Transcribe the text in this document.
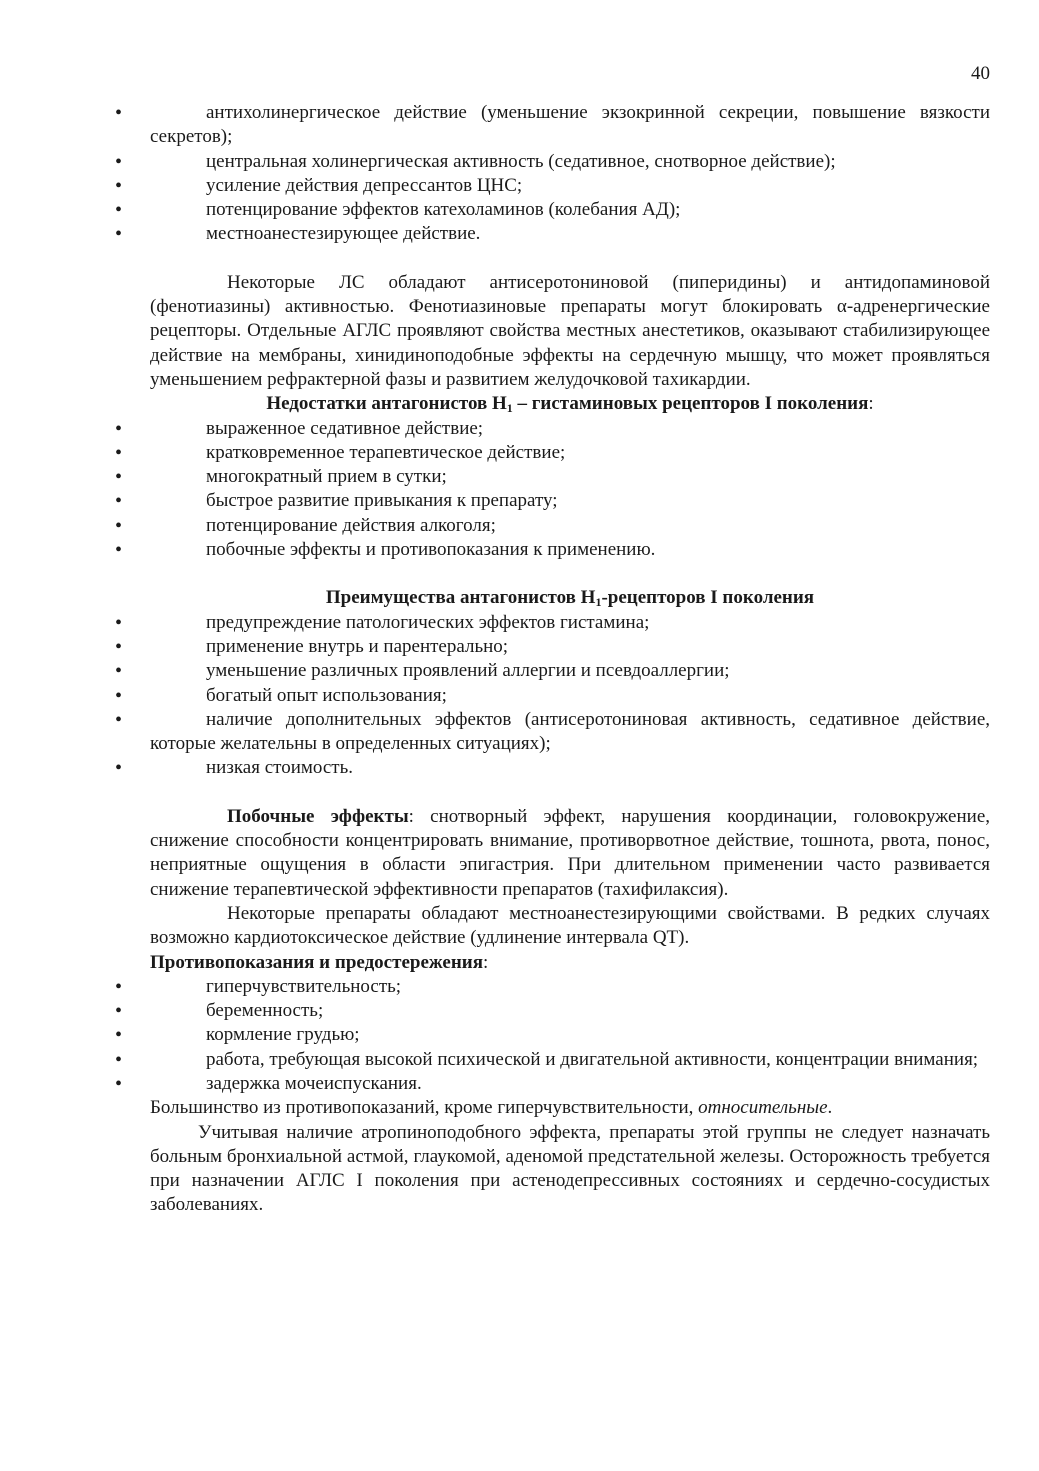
40
• антихолинергическое действие (уменьшение экзокринной секреции, повышение вязкости секретов);
• центральная холинергическая активность (седативное, снотворное действие);
• усиление действия депрессантов ЦНС;
• потенцирование эффектов катехоламинов (колебания АД);
• местноанестезирующее действие.

Некоторые ЛС обладают антисеротониновой (пиперидины) и антидопаминовой (фенотиазины) активностью. Фенотиазиновые препараты могут блокировать α-адренергические рецепторы. Отдельные АГЛС проявляют свойства местных анестетиков, оказывают стабилизирующее действие на мембраны, хинидиноподобные эффекты на сердечную мышцу, что может проявляться уменьшением рефрактерной фазы и развитием желудочковой тахикардии.

Недостатки антагонистов $Н_1$ – гистаминовых рецепторов I поколения:

• выраженное седативное действие;
• кратковременное терапевтическое действие;
• многократный прием в сутки;
• быстрое развитие привыкания к препарату;
• потенцирование действия алкоголя;
• побочные эффекты и противопоказания к применению.

Преимущества антагонистов $Н_1$-рецепторов I поколения

• предупреждение патологических эффектов гистамина;
• применение внутрь и парентерально;
• уменьшение различных проявлений аллергии и псевдоаллергии;
• богатый опыт использования;
• наличие дополнительных эффектов (антисеротониновая активность, седативное действие, которые желательны в определенных ситуациях);
• низкая стоимость.

Побочные эффекты: снотворный эффект, нарушения координации, головокружение, снижение способности концентрировать внимание, противорвотное действие, тошнота, рвота, понос, неприятные ощущения в области эпигастрия. При длительном применении часто развивается снижение терапевтической эффективности препаратов (тахифилаксия).

Некоторые препараты обладают местноанестезирующими свойствами. В редких случаях возможно кардиотоксическое действие (удлинение интервала QT).

Противопоказания и предостережения:

• гиперчувствительность;
• беременность;
• кормление грудью;
• работа, требующая высокой психической и двигательной активности, концентрации внимания;
• задержка мочеиспускания.

Большинство из противопоказаний, кроме гиперчувствительности, относительные.

Учитывая наличие атропиноподобного эффекта, препараты этой группы не следует назначать больным бронхиальной астмой, глаукомой, аденомой предстательной железы. Осторожность требуется при назначении АГЛС I поколения при астенодепрессивных состояниях и сердечно-сосудистых заболеваниях.
